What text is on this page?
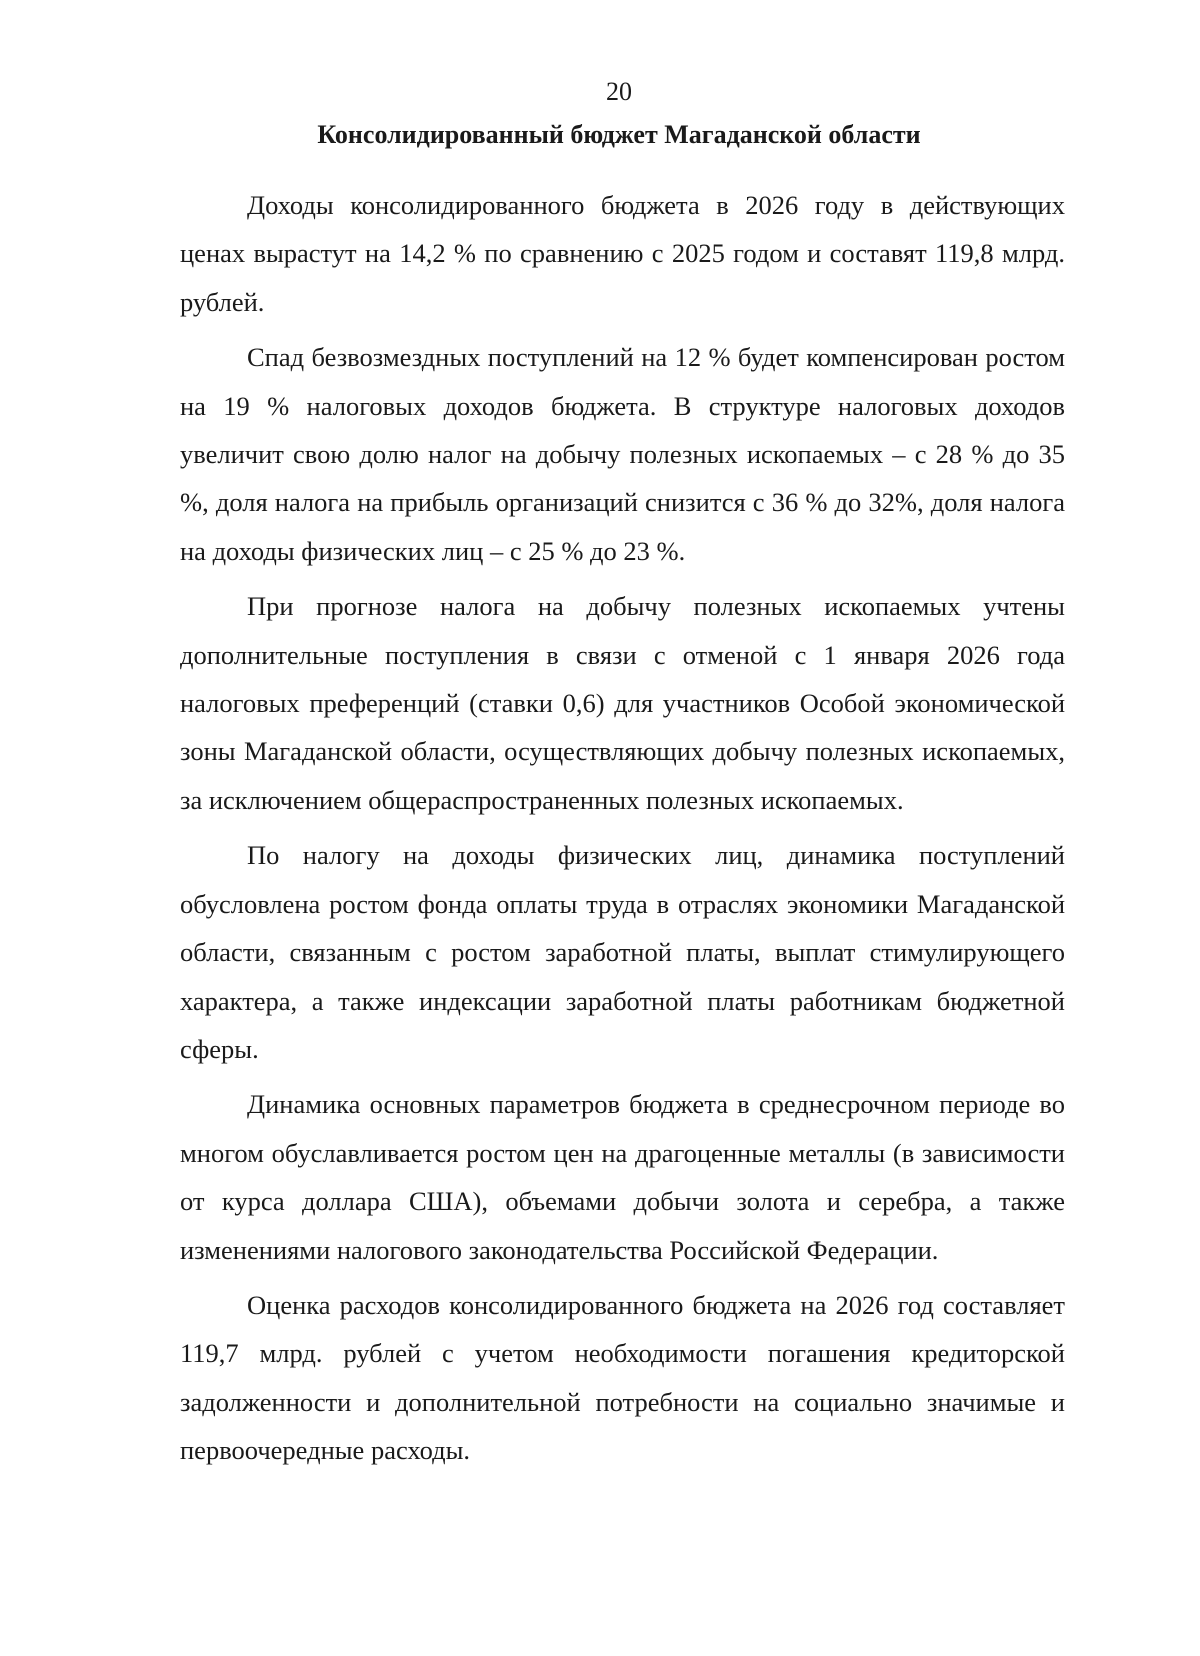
20
Консолидированный бюджет Магаданской области

Доходы консолидированного бюджета в 2026 году в действующих ценах вырастут на 14,2 % по сравнению с 2025 годом и составят 119,8 млрд. рублей.

Спад безвозмездных поступлений на 12 % будет компенсирован ростом на 19 % налоговых доходов бюджета. В структуре налоговых доходов увеличит свою долю налог на добычу полезных ископаемых – с 28 % до 35 %, доля налога на прибыль организаций снизится с 36 % до 32%, доля налога на доходы физических лиц – с 25 % до 23 %.

При прогнозе налога на добычу полезных ископаемых учтены дополнительные поступления в связи с отменой с 1 января 2026 года налоговых преференций (ставки 0,6) для участников Особой экономической зоны Магаданской области, осуществляющих добычу полезных ископаемых, за исключением общераспространенных полезных ископаемых.

По налогу на доходы физических лиц, динамика поступлений обусловлена ростом фонда оплаты труда в отраслях экономики Магаданской области, связанным с ростом заработной платы, выплат стимулирующего характера, а также индексации заработной платы работникам бюджетной сферы.

Динамика основных параметров бюджета в среднесрочном периоде во многом обуславливается ростом цен на драгоценные металлы (в зависимости от курса доллара США), объемами добычи золота и серебра, а также изменениями налогового законодательства Российской Федерации.

Оценка расходов консолидированного бюджета на 2026 год составляет 119,7 млрд. рублей с учетом необходимости погашения кредиторской задолженности и дополнительной потребности на социально значимые и первоочередные расходы.
